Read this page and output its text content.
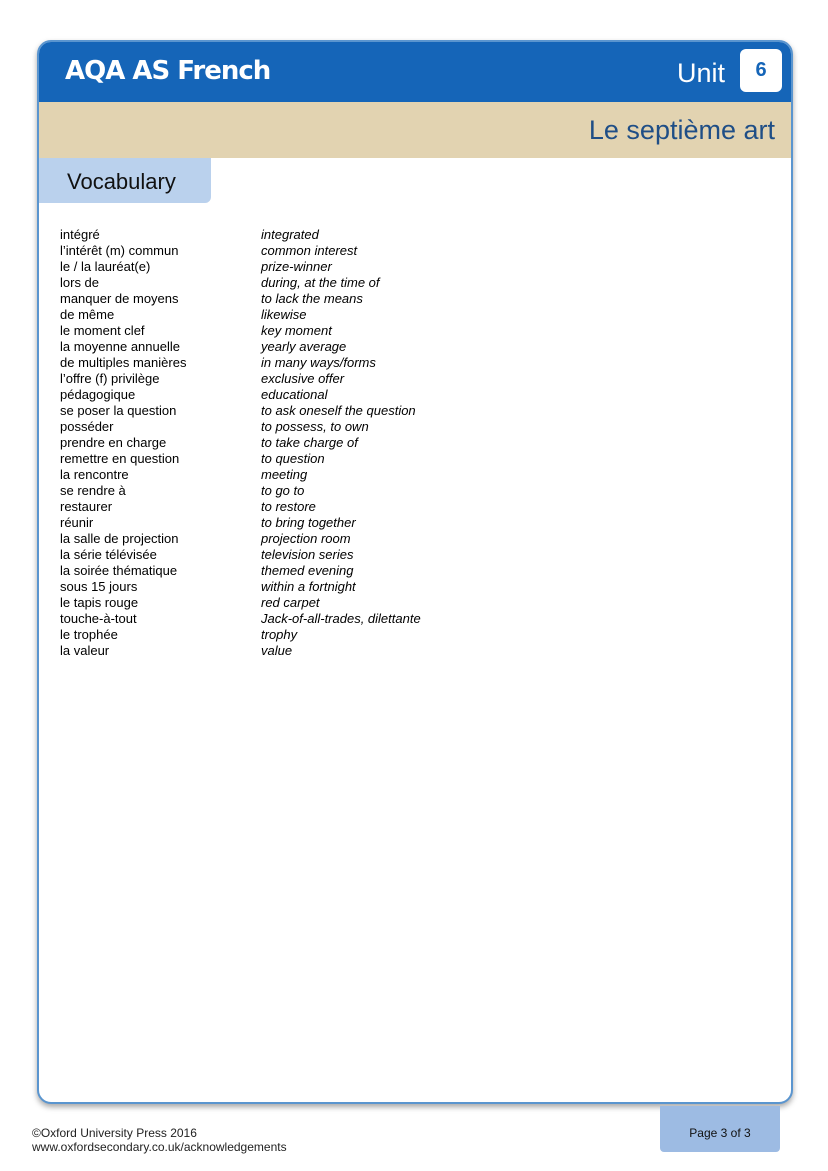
AQA AS French	Unit	6
Le septième art
Vocabulary
intégré	integrated
l’intérêt (m) commun	common interest
le / la lauréat(e)	prize-winner
lors de	during, at the time of
manquer de moyens	to lack the means
de même	likewise
le moment clef	key moment
la moyenne annuelle	yearly average
de multiples manières	in many ways/forms
l’offre (f) privilège	exclusive offer
pédagogique	educational
se poser la question	to ask oneself the question
posséder	to possess, to own
prendre en charge	to take charge of
remettre en question	to question
la rencontre	meeting
se rendre à	to go to
restaurer	to restore
réunir	to bring together
la salle de projection	projection room
la série télévisée	television series
la soirée thématique	themed evening
sous 15 jours	within a fortnight
le tapis rouge	red carpet
touche-à-tout	Jack-of-all-trades, dilettante
le trophée	trophy
la valeur	value
©Oxford University Press 2016
www.oxfordsecondary.co.uk/acknowledgements
Page 3 of 3
